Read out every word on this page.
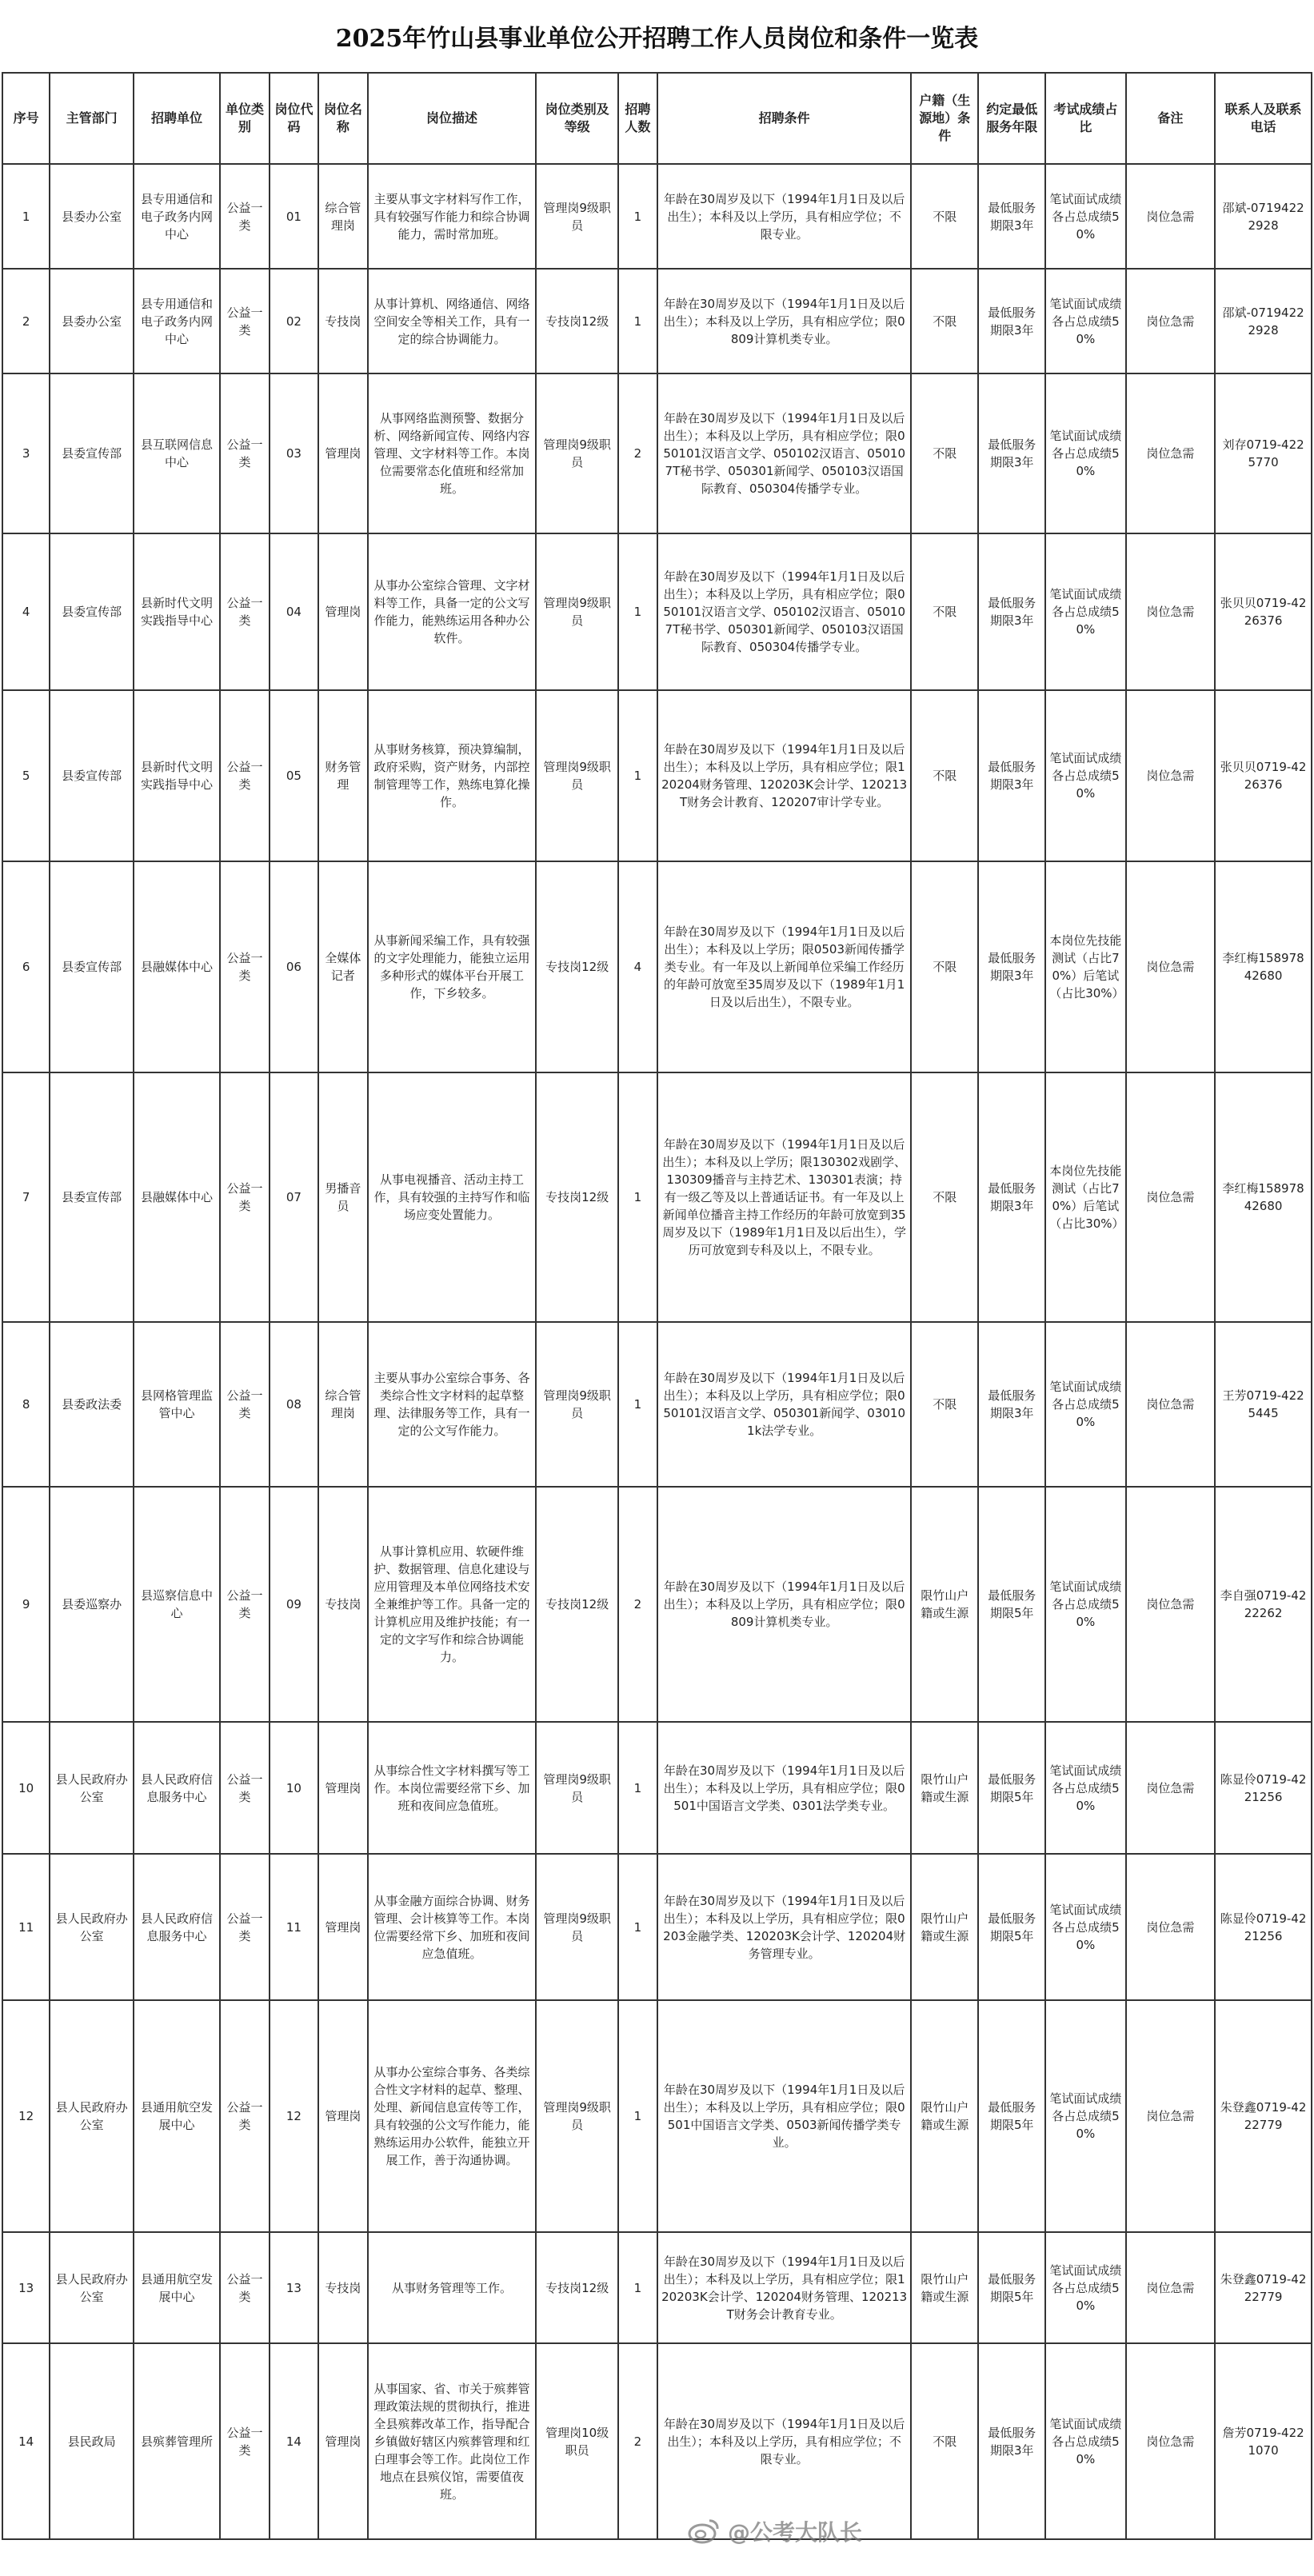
2025年竹山县事业单位公开招聘工作人员岗位和条件一览表
序号	主管部门	招聘单位	单位类别	岗位代码	岗位名称	岗位描述	岗位类别及等级	招聘人数	招聘条件	户籍（生源地）条件	约定最低服务年限	考试成绩占比	备注	联系人及联系电话
1	县委办公室	县专用通信和电子政务内网中心	公益一类	01	综合管理岗	主要从事文字材料写作工作，具有较强写作能力和综合协调能力，需时常加班。	管理岗9级职员	1	年龄在30周岁及以下（1994年1月1日及以后出生）；本科及以上学历，具有相应学位；不限专业。	不限	最低服务期限3年	笔试面试成绩各占总成绩50%	岗位急需	邵斌-07194222928
2	县委办公室	县专用通信和电子政务内网中心	公益一类	02	专技岗	从事计算机、网络通信、网络空间安全等相关工作，具有一定的综合协调能力。	专技岗12级	1	年龄在30周岁及以下（1994年1月1日及以后出生）；本科及以上学历，具有相应学位；限0809计算机类专业。	不限	最低服务期限3年	笔试面试成绩各占总成绩50%	岗位急需	邵斌-07194222928
3	县委宣传部	县互联网信息中心	公益一类	03	管理岗	从事网络监测预警、数据分析、网络新闻宣传、网络内容管理、文字材料等工作。本岗位需要常态化值班和经常加班。	管理岗9级职员	2	年龄在30周岁及以下（1994年1月1日及以后出生）；本科及以上学历，具有相应学位；限050101汉语言文学、050102汉语言、050107T秘书学、050301新闻学、050103汉语国际教育、050304传播学专业。	不限	最低服务期限3年	笔试面试成绩各占总成绩50%	岗位急需	刘存0719-4225770
4	县委宣传部	县新时代文明实践指导中心	公益一类	04	管理岗	从事办公室综合管理、文字材料等工作，具备一定的公文写作能力，能熟练运用各种办公软件。	管理岗9级职员	1	年龄在30周岁及以下（1994年1月1日及以后出生）；本科及以上学历，具有相应学位；限050101汉语言文学、050102汉语言、050107T秘书学、050301新闻学、050103汉语国际教育、050304传播学专业。	不限	最低服务期限3年	笔试面试成绩各占总成绩50%	岗位急需	张贝贝0719-4226376
5	县委宣传部	县新时代文明实践指导中心	公益一类	05	财务管理	从事财务核算，预决算编制，政府采购，资产财务，内部控制管理等工作，熟练电算化操作。	管理岗9级职员	1	年龄在30周岁及以下（1994年1月1日及以后出生）；本科及以上学历，具有相应学位；限120204财务管理、120203K会计学、120213T财务会计教育、120207审计学专业。	不限	最低服务期限3年	笔试面试成绩各占总成绩50%	岗位急需	张贝贝0719-4226376
6	县委宣传部	县融媒体中心	公益一类	06	全媒体记者	从事新闻采编工作，具有较强的文字处理能力，能独立运用多种形式的媒体平台开展工作，下乡较多。	专技岗12级	4	年龄在30周岁及以下（1994年1月1日及以后出生）；本科及以上学历；限0503新闻传播学类专业。有一年及以上新闻单位采编工作经历的年龄可放宽至35周岁及以下（1989年1月1日及以后出生），不限专业。	不限	最低服务期限3年	本岗位先技能测试（占比70%）后笔试（占比30%）	岗位急需	李红梅15897842680
7	县委宣传部	县融媒体中心	公益一类	07	男播音员	从事电视播音、活动主持工作，具有较强的主持写作和临场应变处置能力。	专技岗12级	1	年龄在30周岁及以下（1994年1月1日及以后出生）；本科及以上学历；限130302戏剧学、130309播音与主持艺术、130301表演；持有一级乙等及以上普通话证书。有一年及以上新闻单位播音主持工作经历的年龄可放宽到35周岁及以下（1989年1月1日及以后出生），学历可放宽到专科及以上，不限专业。	不限	最低服务期限3年	本岗位先技能测试（占比70%）后笔试（占比30%）	岗位急需	李红梅15897842680
8	县委政法委	县网格管理监管中心	公益一类	08	综合管理岗	主要从事办公室综合事务、各类综合性文字材料的起草整理、法律服务等工作，具有一定的公文写作能力。	管理岗9级职员	1	年龄在30周岁及以下（1994年1月1日及以后出生）；本科及以上学历，具有相应学位；限050101汉语言文学、050301新闻学、030101k法学专业。	不限	最低服务期限3年	笔试面试成绩各占总成绩50%	岗位急需	王芳0719-4225445
9	县委巡察办	县巡察信息中心	公益一类	09	专技岗	从事计算机应用、软硬件维护、数据管理、信息化建设与应用管理及本单位网络技术安全兼维护等工作。具备一定的计算机应用及维护技能；有一定的文字写作和综合协调能力。	专技岗12级	2	年龄在30周岁及以下（1994年1月1日及以后出生）；本科及以上学历，具有相应学位；限0809计算机类专业。	限竹山户籍或生源	最低服务期限5年	笔试面试成绩各占总成绩50%	岗位急需	李自强0719-4222262
10	县人民政府办公室	县人民政府信息服务中心	公益一类	10	管理岗	从事综合性文字材料撰写等工作。本岗位需要经常下乡、加班和夜间应急值班。	管理岗9级职员	1	年龄在30周岁及以下（1994年1月1日及以后出生）；本科及以上学历，具有相应学位；限0501中国语言文学类、0301法学类专业。	限竹山户籍或生源	最低服务期限5年	笔试面试成绩各占总成绩50%	岗位急需	陈显伶0719-4221256
11	县人民政府办公室	县人民政府信息服务中心	公益一类	11	管理岗	从事金融方面综合协调、财务管理、会计核算等工作。本岗位需要经常下乡、加班和夜间应急值班。	管理岗9级职员	1	年龄在30周岁及以下（1994年1月1日及以后出生）；本科及以上学历，具有相应学位；限0203金融学类、120203K会计学、120204财务管理专业。	限竹山户籍或生源	最低服务期限5年	笔试面试成绩各占总成绩50%	岗位急需	陈显伶0719-4221256
12	县人民政府办公室	县通用航空发展中心	公益一类	12	管理岗	从事办公室综合事务、各类综合性文字材料的起草、整理、处理、新闻信息宣传等工作，具有较强的公文写作能力，能熟练运用办公软件，能独立开展工作，善于沟通协调。	管理岗9级职员	1	年龄在30周岁及以下（1994年1月1日及以后出生）；本科及以上学历，具有相应学位；限0501中国语言文学类、0503新闻传播学类专业。	限竹山户籍或生源	最低服务期限5年	笔试面试成绩各占总成绩50%	岗位急需	朱登鑫0719-4222779
13	县人民政府办公室	县通用航空发展中心	公益一类	13	专技岗	从事财务管理等工作。	专技岗12级	1	年龄在30周岁及以下（1994年1月1日及以后出生）；本科及以上学历，具有相应学位；限120203K会计学、120204财务管理、120213T财务会计教育专业。	限竹山户籍或生源	最低服务期限5年	笔试面试成绩各占总成绩50%	岗位急需	朱登鑫0719-4222779
14	县民政局	县殡葬管理所	公益一类	14	管理岗	从事国家、省、市关于殡葬管理政策法规的贯彻执行，推进全县殡葬改革工作，指导配合乡镇做好辖区内殡葬管理和红白理事会等工作。此岗位工作地点在县殡仪馆，需要值夜班。	管理岗10级职员	2	年龄在30周岁及以下（1994年1月1日及以后出生）；本科及以上学历，具有相应学位；不限专业。	不限	最低服务期限3年	笔试面试成绩各占总成绩50%	岗位急需	詹芳0719-4221070
@公考大队长
